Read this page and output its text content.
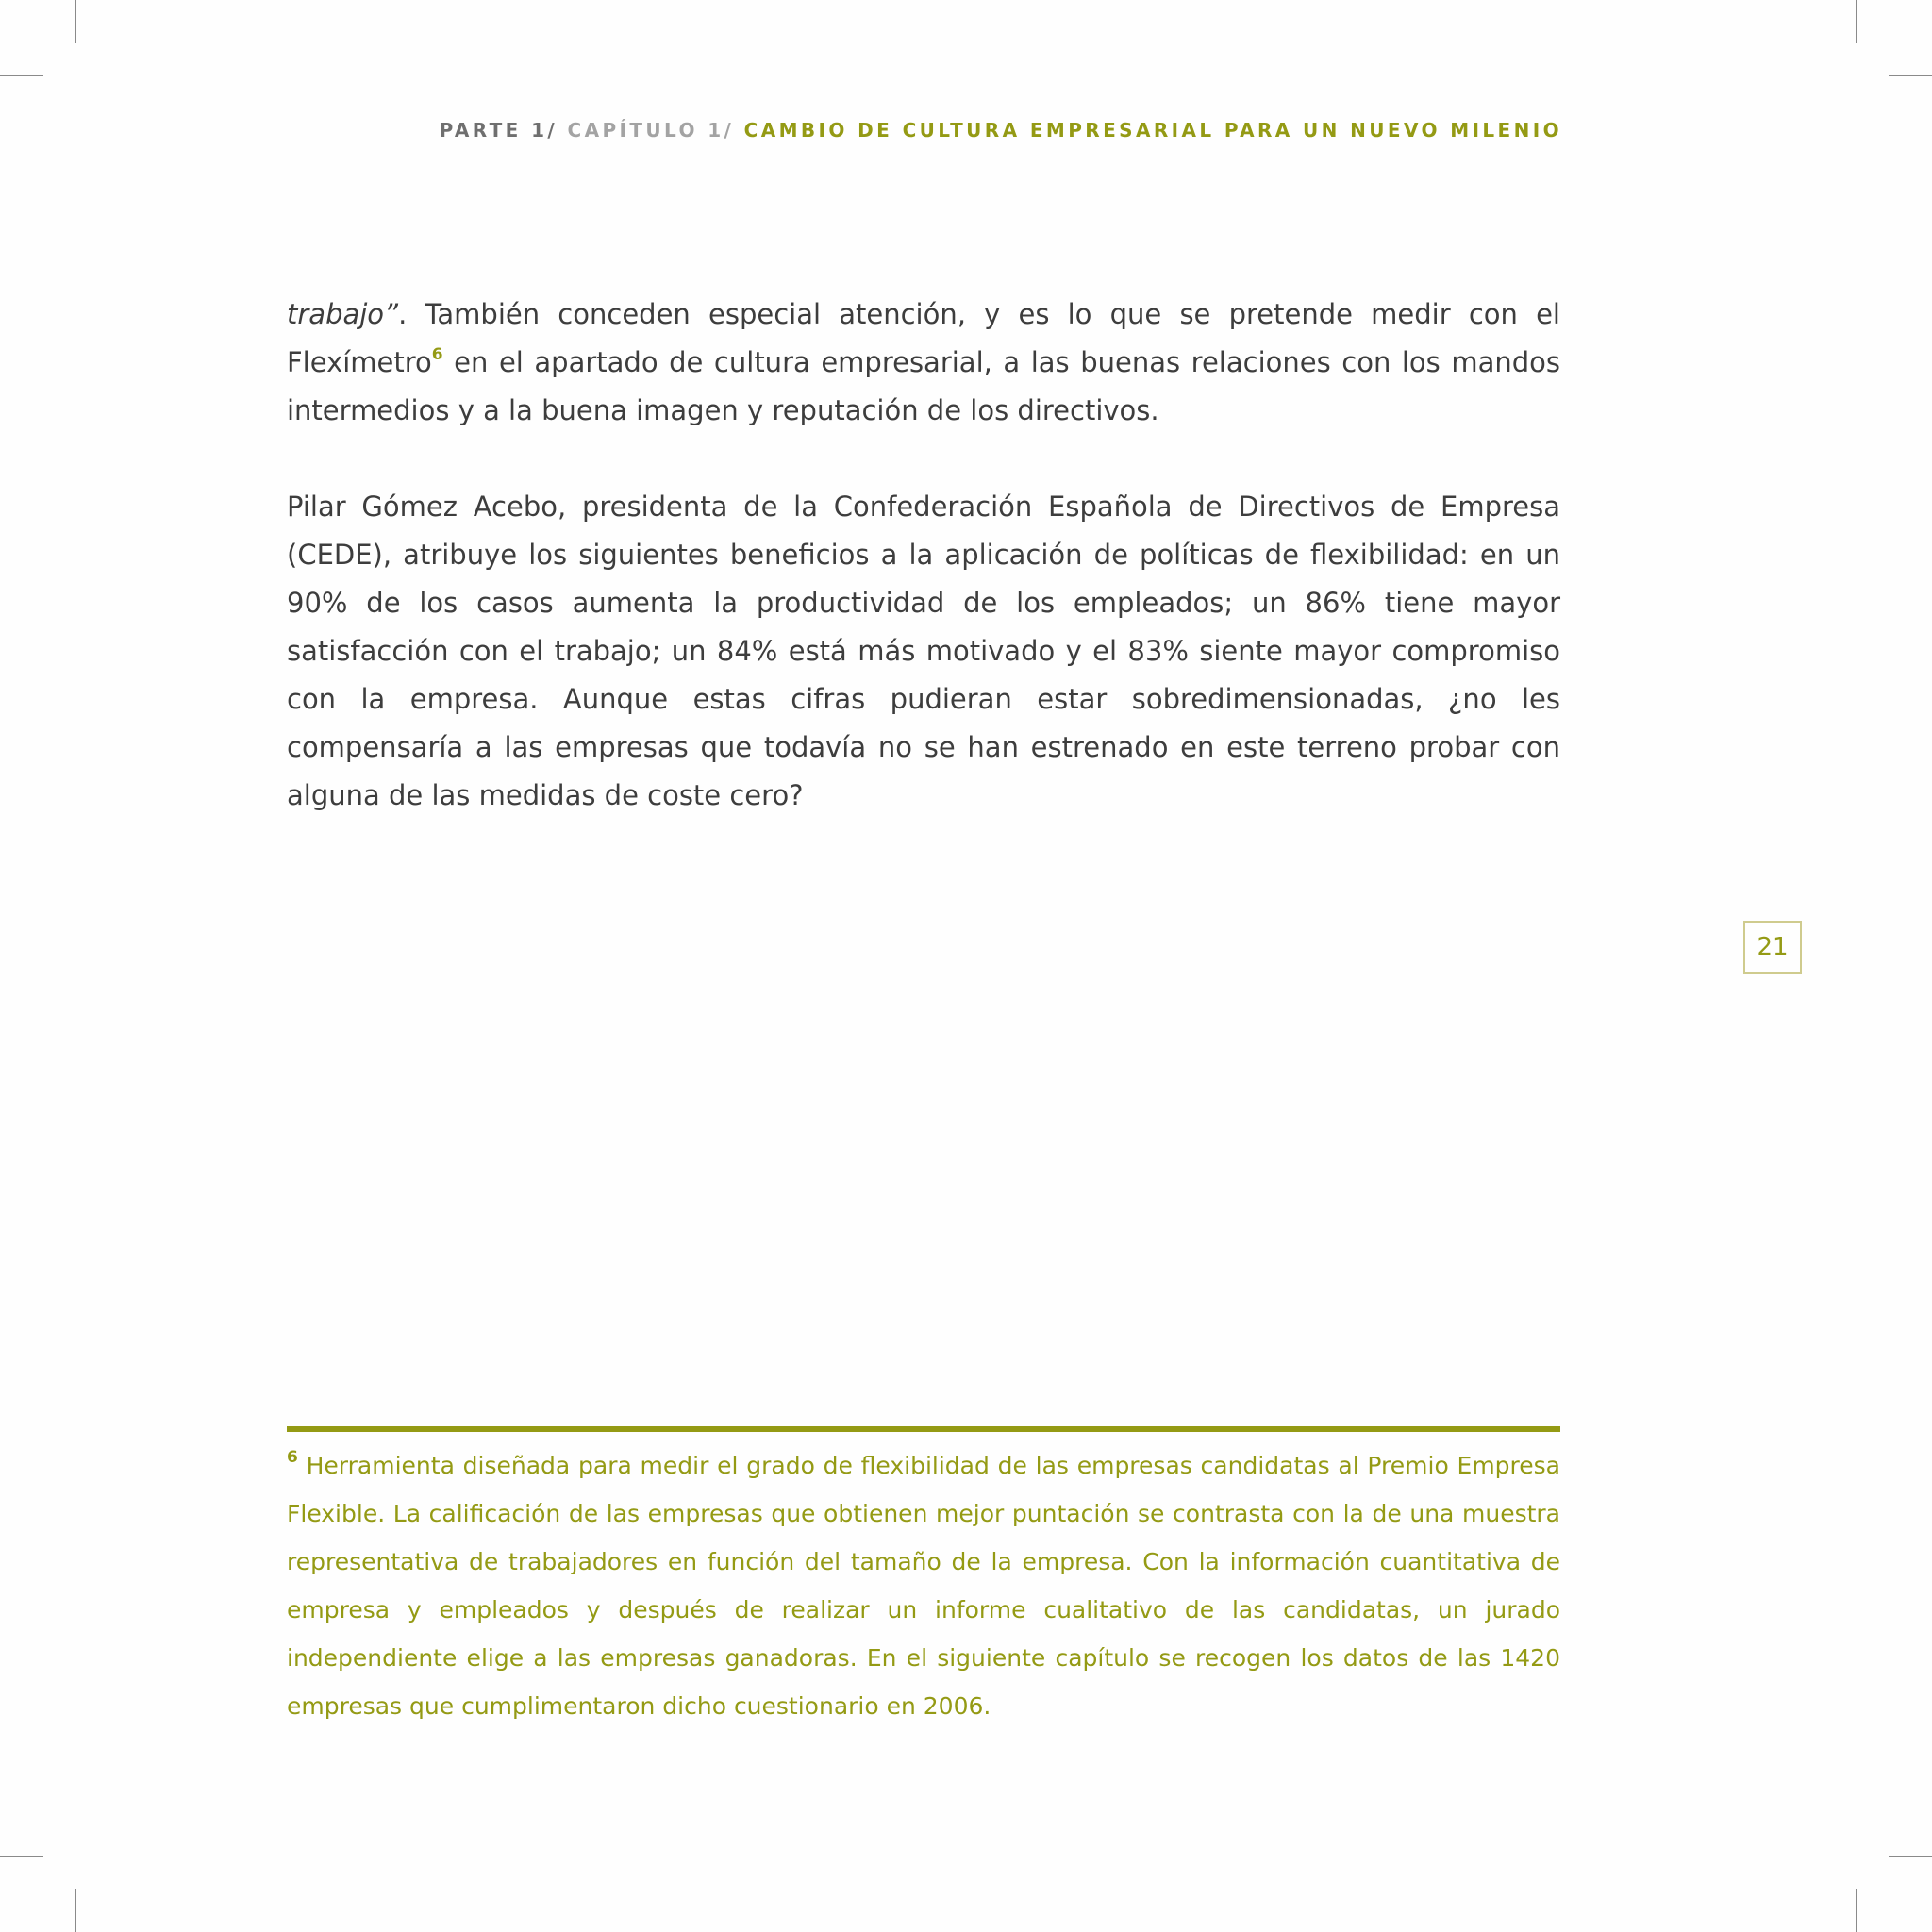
PARTE 1/ CAPÍTULO 1/ CAMBIO DE CULTURA EMPRESARIAL PARA UN NUEVO MILENIO

trabajo”. También conceden especial atención, y es lo que se pretende medir con el Flexímetro$^6$ en el apartado de cultura empresarial, a las buenas relaciones con los mandos intermedios y a la buena imagen y reputación de los directivos.

Pilar Gómez Acebo, presidenta de la Confederación Española de Directivos de Empresa (CEDE), atribuye los siguientes beneficios a la aplicación de políticas de flexibilidad: en un 90% de los casos aumenta la productividad de los empleados; un 86% tiene mayor satisfacción con el trabajo; un 84% está más motivado y el 83% siente mayor compromiso con la empresa. Aunque estas cifras pudieran estar sobredimensionadas, ¿no les compensaría a las empresas que todavía no se han estrenado en este terreno probar con alguna de las medidas de coste cero?

21
$^6$ Herramienta diseñada para medir el grado de flexibilidad de las empresas candidatas al Premio Empresa Flexible. La calificación de las empresas que obtienen mejor puntación se contrasta con la de una muestra representativa de trabajadores en función del tamaño de la empresa. Con la información cuantitativa de empresa y empleados y después de realizar un informe cualitativo de las candidatas, un jurado independiente elige a las empresas ganadoras. En el siguiente capítulo se recogen los datos de las 1420 empresas que cumplimentaron dicho cuestionario en 2006.
